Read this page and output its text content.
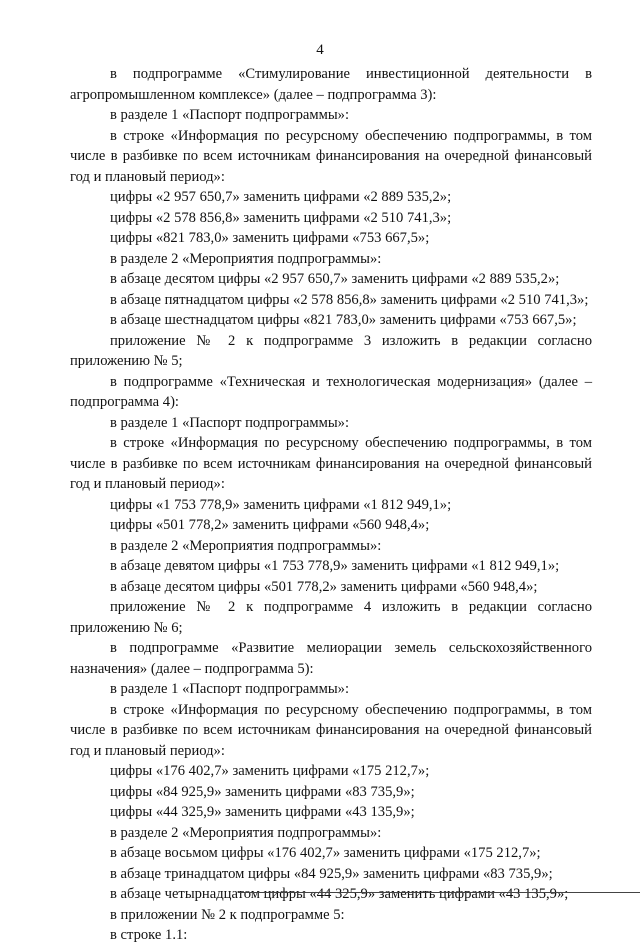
4

в подпрограмме «Стимулирование инвестиционной деятельности в агропромышленном комплексе» (далее – подпрограмма 3):

в разделе 1 «Паспорт подпрограммы»:

в строке «Информация по ресурсному обеспечению подпрограммы, в том числе в разбивке по всем источникам финансирования на очередной финансовый год и плановый период»:

цифры «2 957 650,7» заменить цифрами «2 889 535,2»;

цифры «2 578 856,8» заменить цифрами «2 510 741,3»;

цифры «821 783,0» заменить цифрами «753 667,5»;

в разделе 2 «Мероприятия подпрограммы»:

в абзаце десятом цифры «2 957 650,7» заменить цифрами «2 889 535,2»;

в абзаце пятнадцатом цифры «2 578 856,8» заменить цифрами «2 510 741,3»;

в абзаце шестнадцатом цифры «821 783,0» заменить цифрами «753 667,5»;

приложение № 2 к подпрограмме 3 изложить в редакции согласно приложению № 5;

в подпрограмме «Техническая и технологическая модернизация» (далее – подпрограмма 4):

в разделе 1 «Паспорт подпрограммы»:

в строке «Информация по ресурсному обеспечению подпрограммы, в том числе в разбивке по всем источникам финансирования на очередной финансовый год и плановый период»:

цифры «1 753 778,9» заменить цифрами «1 812 949,1»;

цифры «501 778,2» заменить цифрами «560 948,4»;

в разделе 2 «Мероприятия подпрограммы»:

в абзаце девятом цифры «1 753 778,9» заменить цифрами «1 812 949,1»;

в абзаце десятом цифры «501 778,2» заменить цифрами «560 948,4»;

приложение № 2 к подпрограмме 4 изложить в редакции согласно приложению № 6;

в подпрограмме «Развитие мелиорации земель сельскохозяйственного назначения» (далее – подпрограмма 5):

в разделе 1 «Паспорт подпрограммы»:

в строке «Информация по ресурсному обеспечению подпрограммы, в том числе в разбивке по всем источникам финансирования на очередной финансовый год и плановый период»:

цифры «176 402,7» заменить цифрами «175 212,7»;

цифры «84 925,9» заменить цифрами «83 735,9»;

цифры «44 325,9» заменить цифрами «43 135,9»;

в разделе 2 «Мероприятия подпрограммы»:

в абзаце восьмом цифры «176 402,7» заменить цифрами «175 212,7»;

в абзаце тринадцатом цифры «84 925,9» заменить цифрами «83 735,9»;

в абзаце четырнадцатом цифры «44 325,9» заменить цифрами «43 135,9»;

в приложении № 2 к подпрограмме 5:

в строке 1.1:
